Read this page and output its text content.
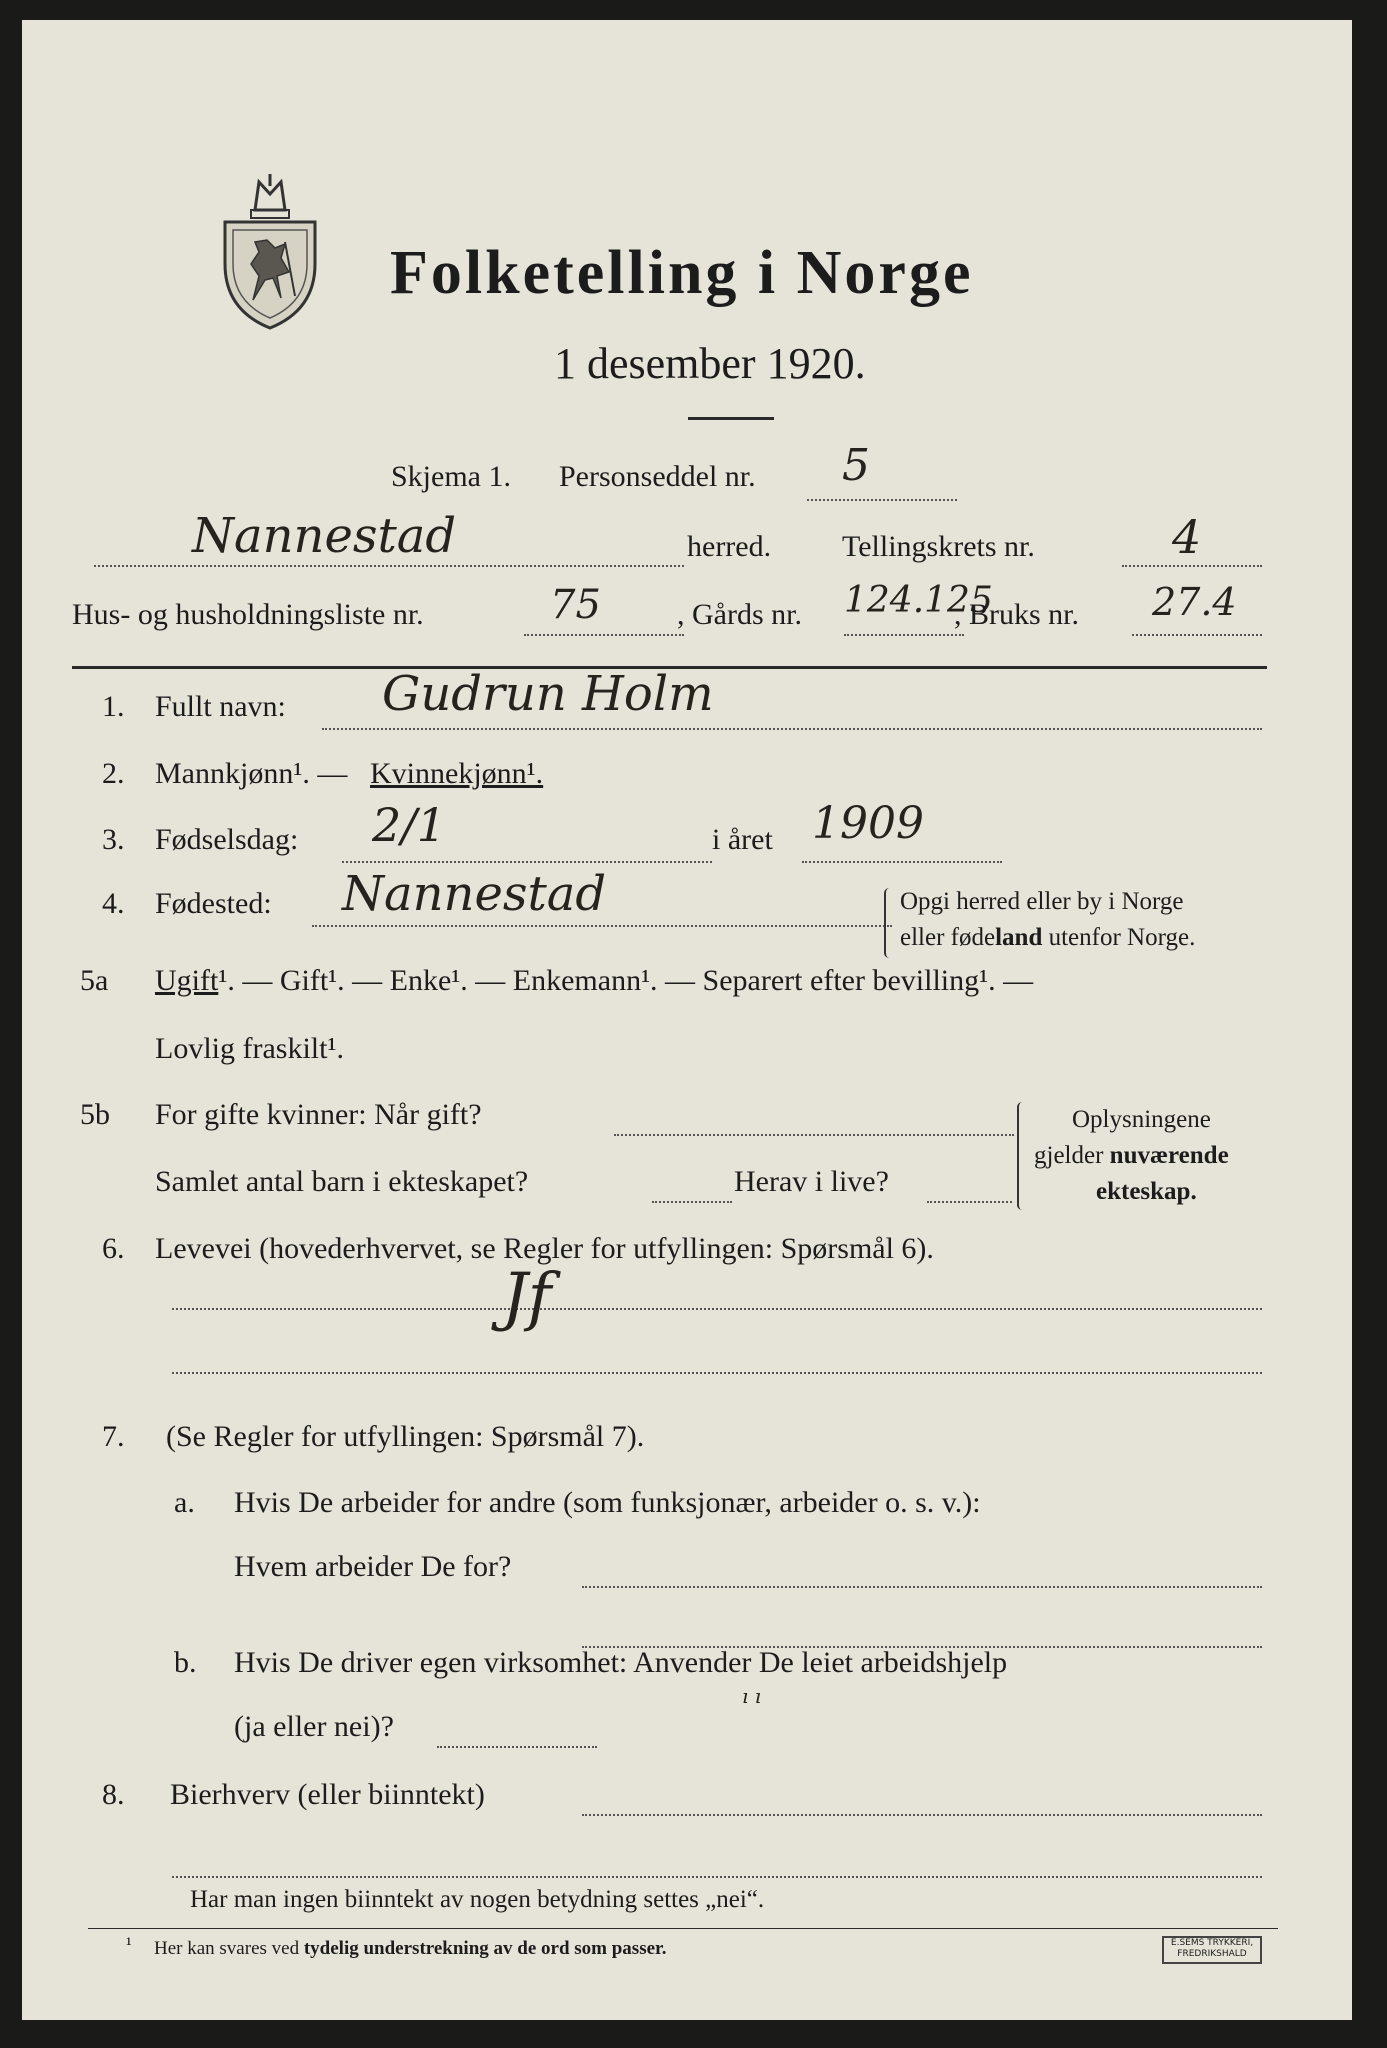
Folketelling i Norge
1 desember 1920.
Skjema 1. Personseddel nr. 5
Nannestad	herred. Tellingskrets nr.	4
Hus- og husholdningsliste nr.	75	, Gårds nr. 124.125
, Bruks nr. 27.4
1. Fullt navn: Gudrun Holm
2. Mannkjønn¹. — Kvinnekjønn¹.
3. Fødselsdag: 2/1	i året 1909
4. Fødested: Nannestad	Opgi herred eller by i Norge
eller fødeland utenfor Norge.
5a Ugift¹. — Gift¹. — Enke¹. — Enkemann¹. — Separert efter bevilling¹. —
Lovlig fraskilt¹.
5b For gifte kvinner: Når gift?
Samlet antal barn i ekteskapet?	Herav i live?
Oplysningene
gjelder nuværende
ekteskap.
6. Levevei (hovederhvervet, se Regler for utfyllingen: Spørsmål 6).
Jf
7. (Se Regler for utfyllingen: Spørsmål 7).
a. Hvis De arbeider for andre (som funksjonær, arbeider o. s. v.):
Hvem arbeider De for?
b. Hvis De driver egen virksomhet: Anvender De leiet arbeidshjelp
(ja eller nei)?
ı ı
8. Bierhverv (eller biinntekt)
Har man ingen biinntekt av nogen betydning settes „nei“.
¹ Her kan svares ved tydelig understrekning av de ord som passer.	E.SEMS TRYKKERI, FREDRIKSHALD
